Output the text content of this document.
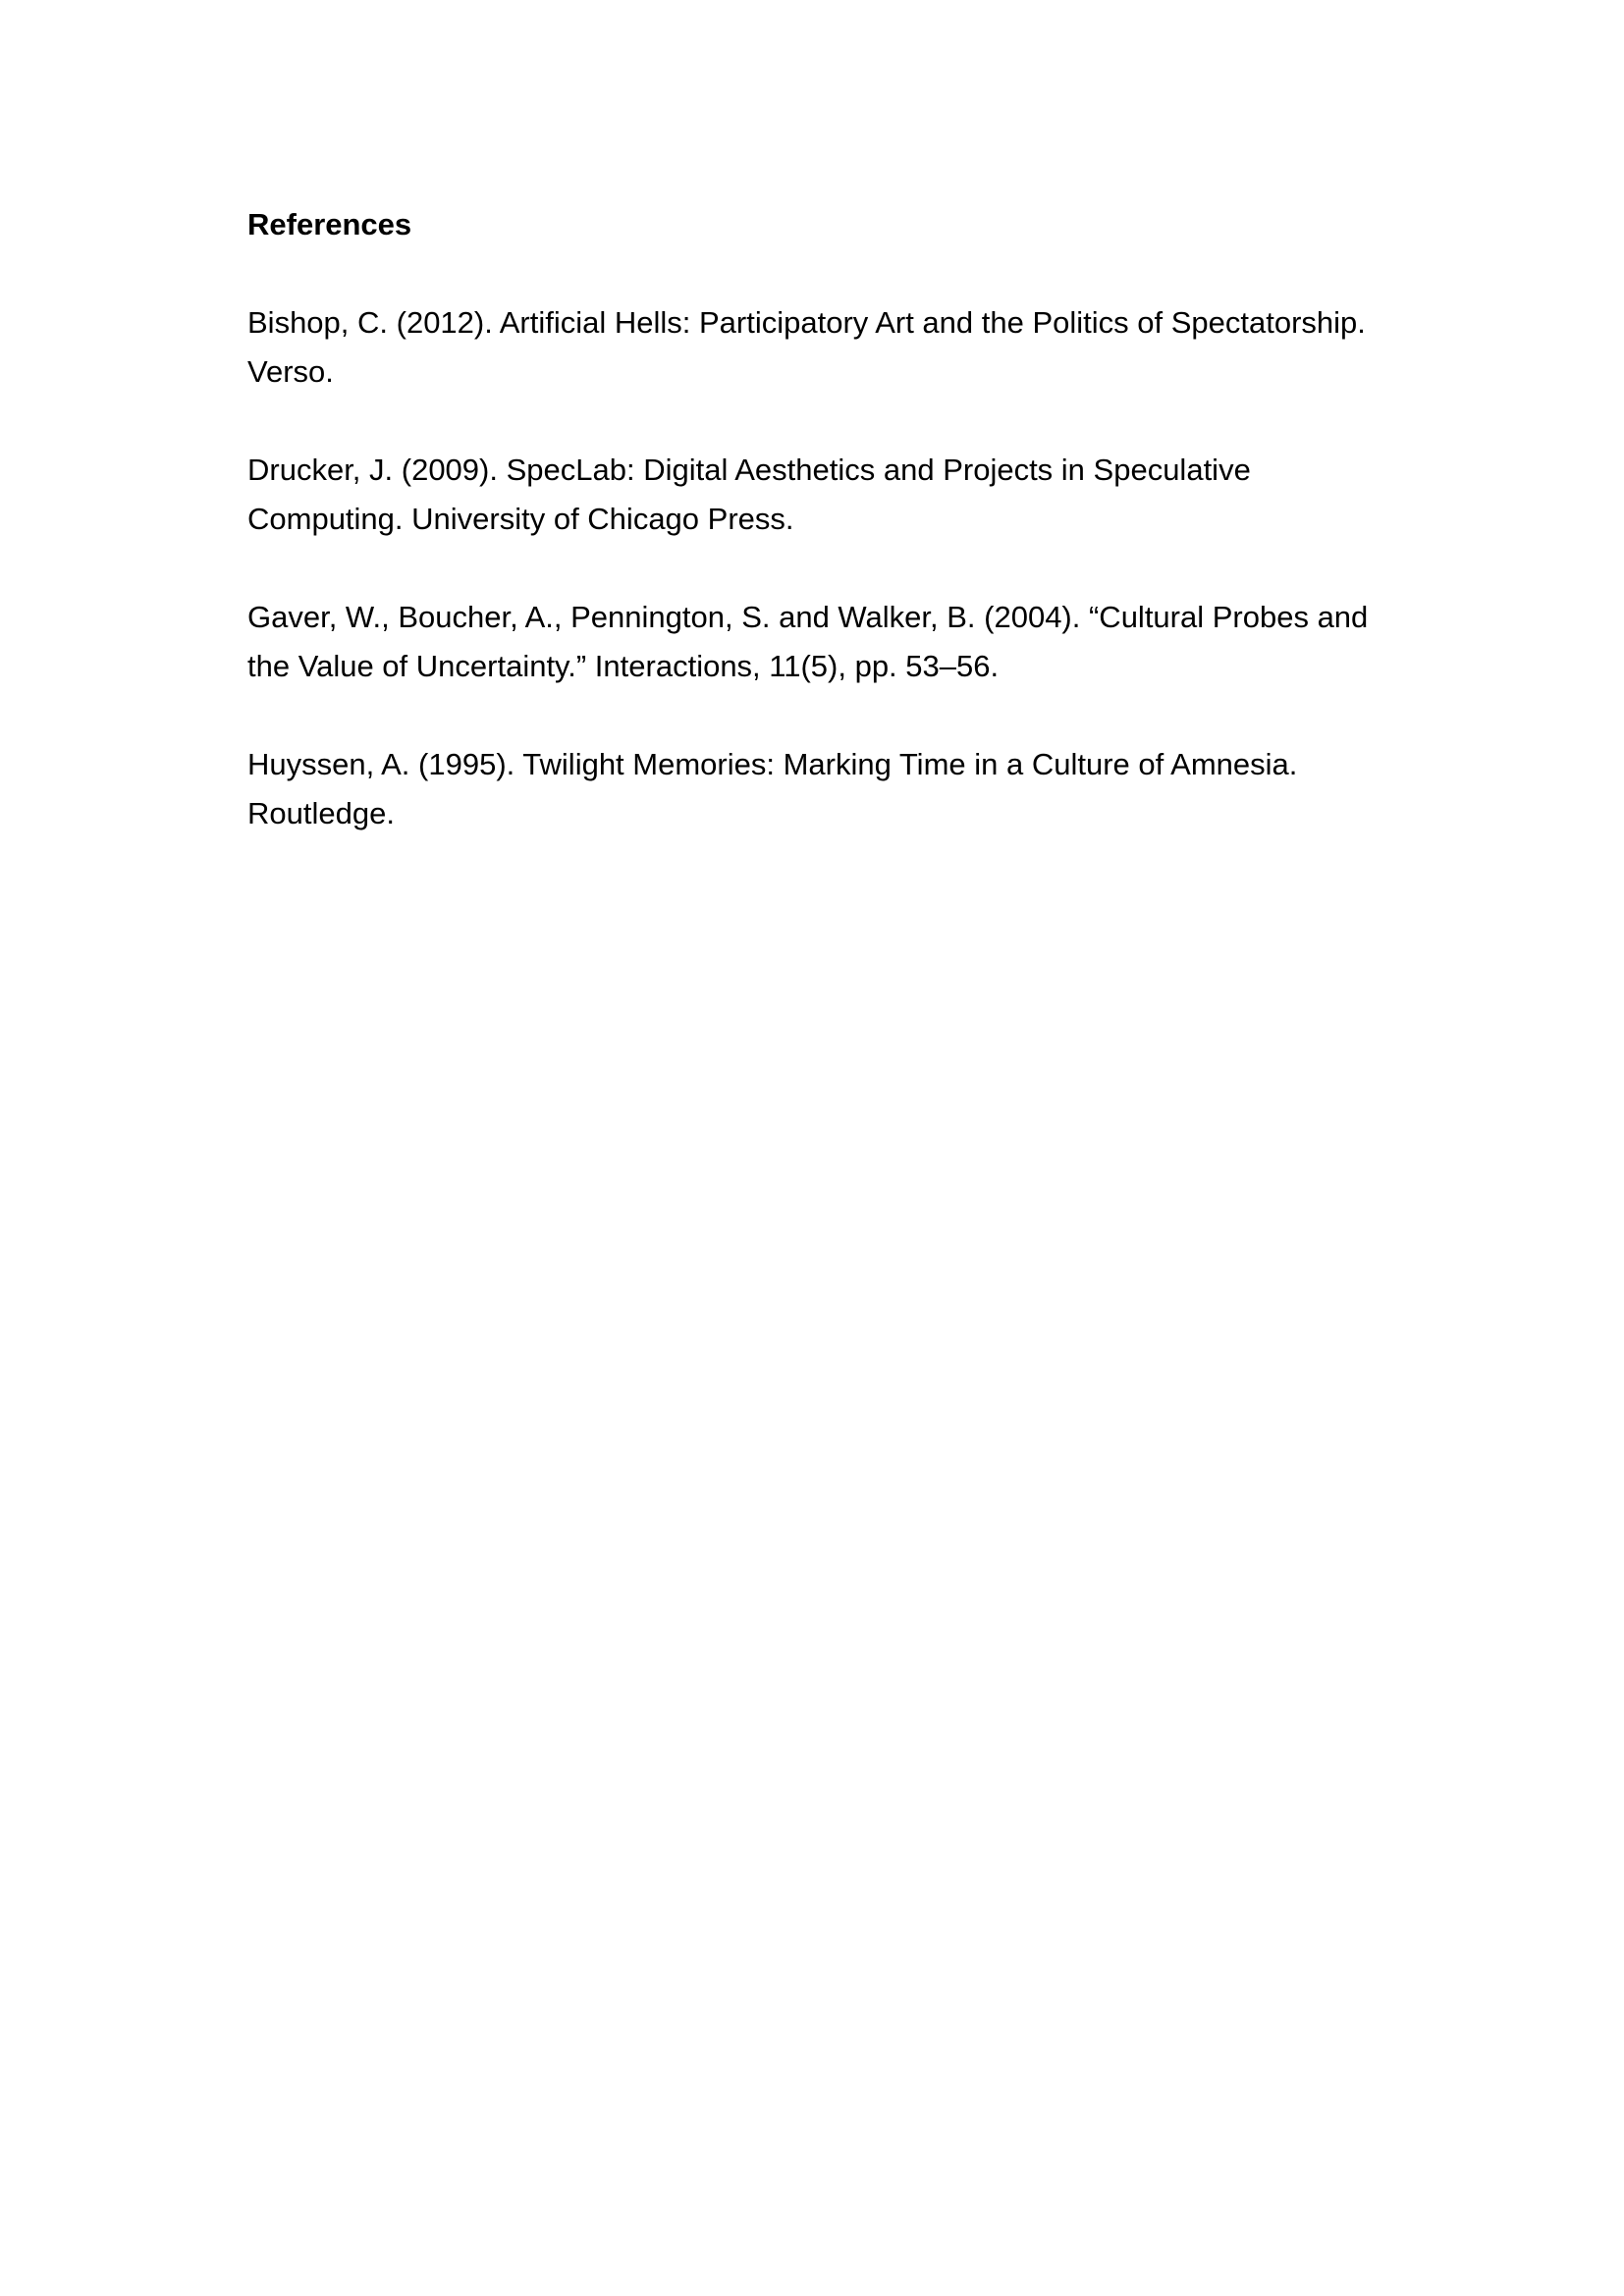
References
Bishop, C. (2012). Artificial Hells: Participatory Art and the Politics of Spectatorship.
Verso.
Drucker, J. (2009). SpecLab: Digital Aesthetics and Projects in Speculative
Computing. University of Chicago Press.
Gaver, W., Boucher, A., Pennington, S. and Walker, B. (2004). “Cultural Probes and
the Value of Uncertainty.” Interactions, 11(5), pp. 53–56.
Huyssen, A. (1995). Twilight Memories: Marking Time in a Culture of Amnesia.
Routledge.
